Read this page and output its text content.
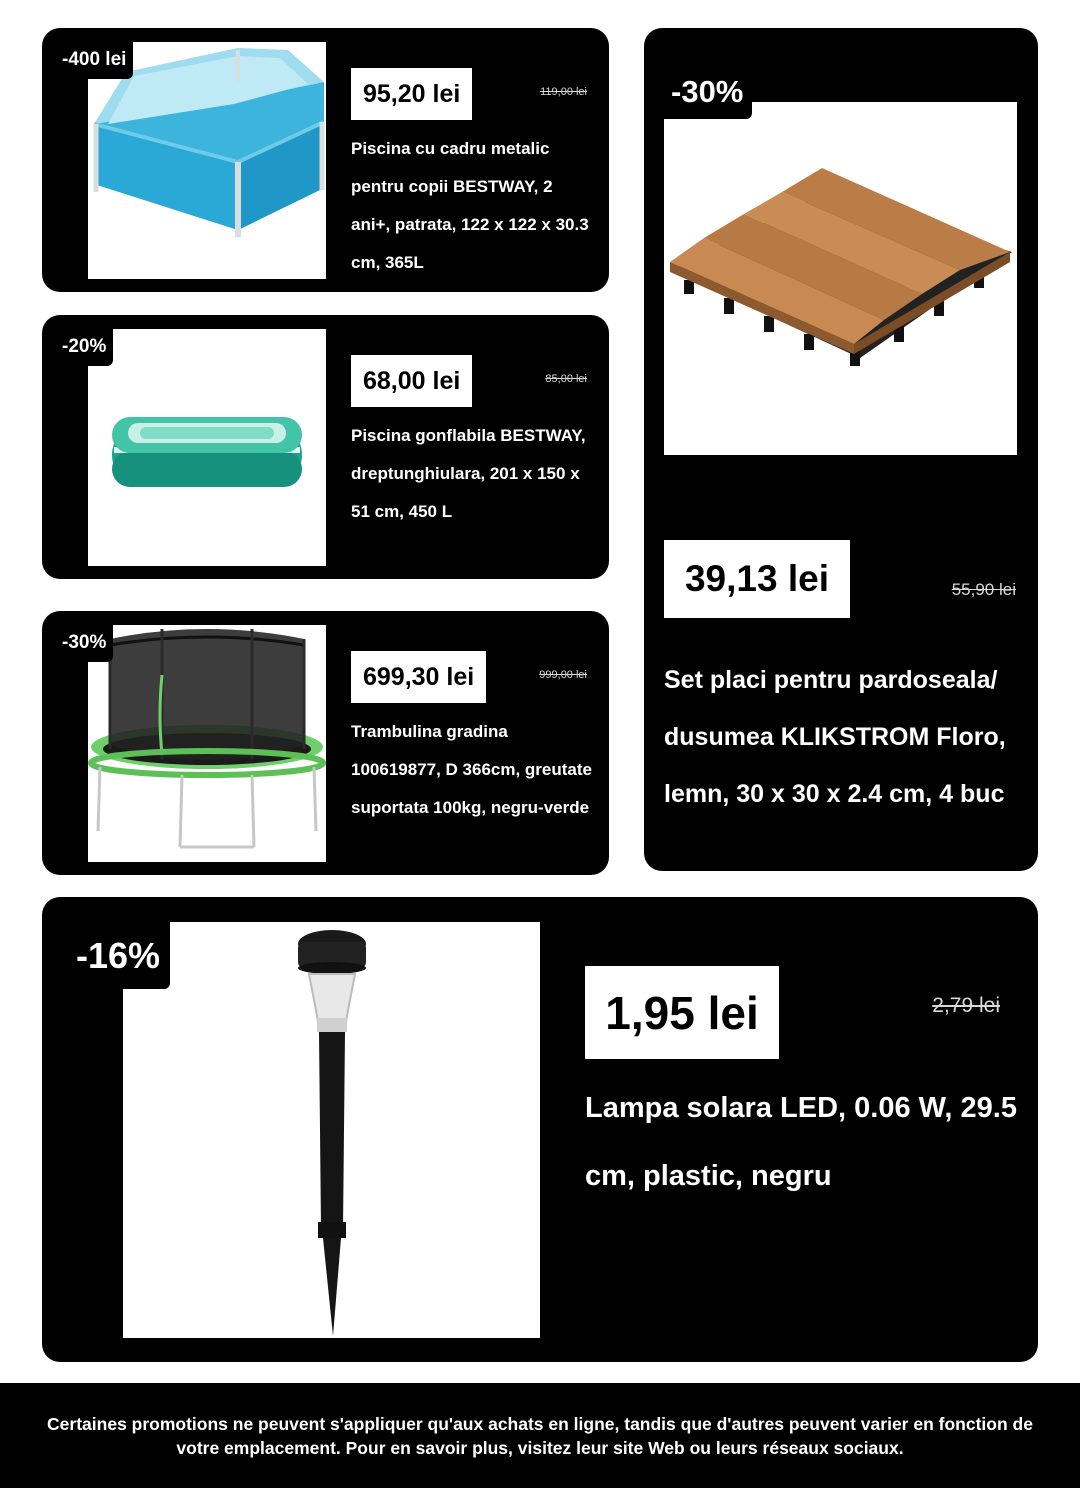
-400 lei
95,20 lei	119,00 lei
Piscina cu cadru metalic pentru copii BESTWAY, 2 ani+, patrata, 122 x 122 x 30.3 cm, 365L
-20%
68,00 lei	85,00 lei
Piscina gonflabila BESTWAY, dreptunghiulara, 201 x 150 x 51 cm, 450 L
-30%
699,30 lei	999,00 lei
Trambulina gradina 100619877, D 366cm, greutate suportata 100kg, negru-verde
-30%
39,13 lei	55,90 lei
Set placi pentru pardoseala/ dusumea KLIKSTROM Floro, lemn, 30 x 30 x 2.4 cm, 4 buc
-16%
1,95 lei	2,79 lei
Lampa solara LED, 0.06 W, 29.5 cm, plastic, negru
Certaines promotions ne peuvent s'appliquer qu'aux achats en ligne, tandis que d'autres peuvent varier en fonction de votre emplacement. Pour en savoir plus, visitez leur site Web ou leurs réseaux sociaux.
